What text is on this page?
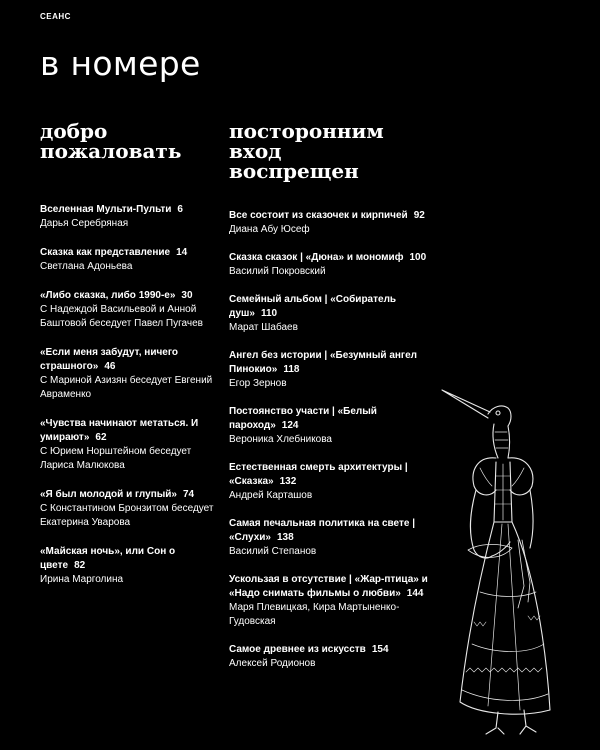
СЕАНС
в номере
добро
пожаловать
Вселенная Мульти-Пульти 6
Дарья Серебряная
Сказка как представление 14
Светлана Адоньева
«Либо сказка, либо 1990-е» 30
С Надеждой Васильевой и Анной Баштовой беседует Павел Пугачев
«Если меня забудут, ничего страшного» 46
С Мариной Азизян беседует Евгений Авраменко
«Чувства начинают метаться. И умирают» 62
С Юрием Норштейном беседует Лариса Малюкова
«Я был молодой и глупый» 74
С Константином Бронзитом беседует Екатерина Уварова
«Майская ночь», или Сон о цвете 82
Ирина Марголина
посторонним
вход
воспрещен
Все состоит из сказочек и кирпичей 92
Диана Абу Юсеф
Сказка сказок | «Дюна» и мономиф 100
Василий Покровский
Семейный альбом | «Собиратель душ» 110
Марат Шабаев
Ангел без истории | «Безумный ангел Пинокио» 118
Егор Зернов
Постоянство участи | «Белый пароход» 124
Вероника Хлебникова
Естественная смерть архитектуры | «Сказка» 132
Андрей Карташов
Самая печальная политика на свете | «Слухи» 138
Василий Степанов
Ускользая в отсутствие | «Жар-птица» и «Надо снимать фильмы о любви» 144
Маря Плевицкая, Кира Мартыненко-Гудовская
Самое древнее из искусств 154
Алексей Родионов
